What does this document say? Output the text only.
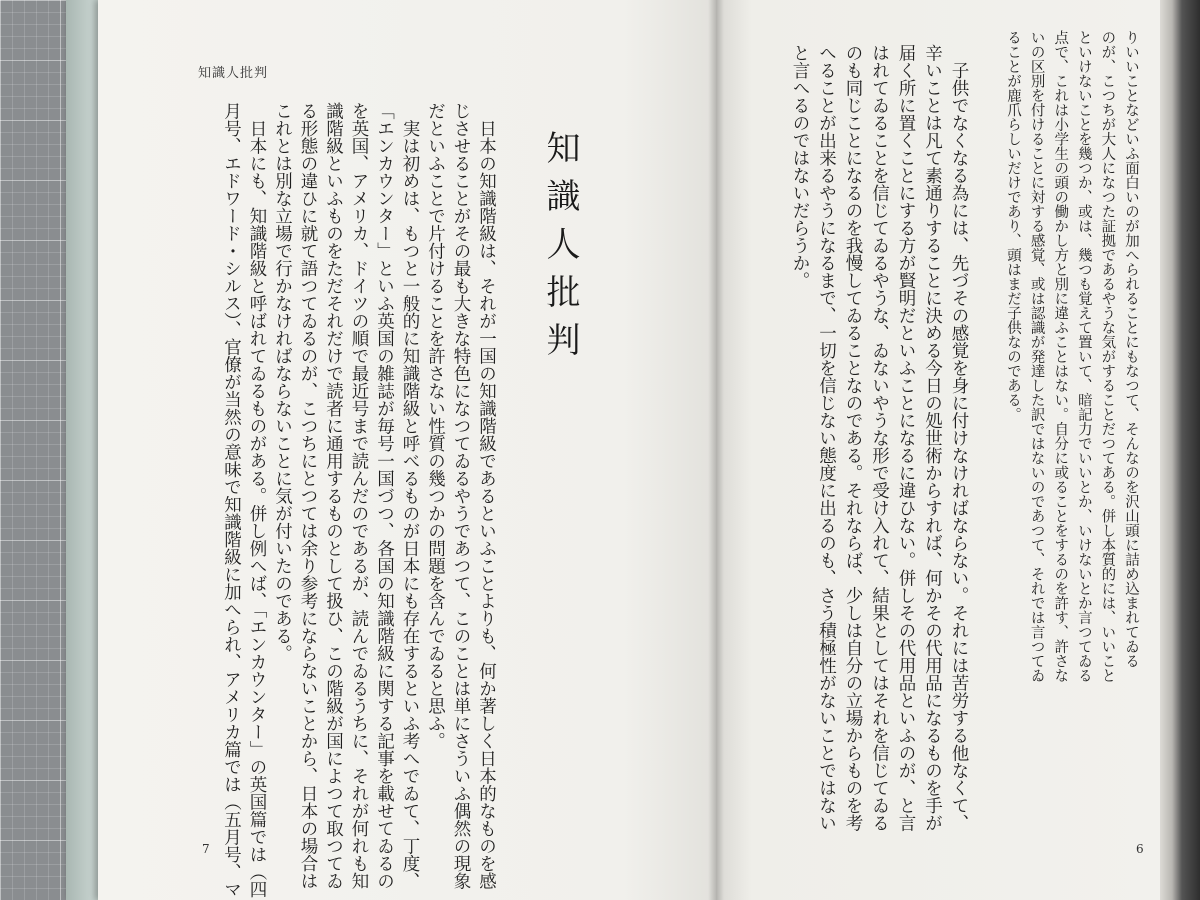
知識人批判
知識人批判
　日本の知識階級は、それが一国の知識階級であるといふことよりも、何か著しく日本的なものを感
じさせることがその最も大きな特色になつてゐるやうであつて、このことは単にさういふ偶然の現象
だといふことで片付けることを許さない性質の幾つかの問題を含んでゐると思ふ。
　実は初めは、もつと一般的に知識階級と呼べるものが日本にも存在するといふ考へでゐて、丁度、
「エンカウンター」といふ英国の雑誌が毎号一国づつ、各国の知識階級に関する記事を載せてゐるの
を英国、アメリカ、ドイツの順で最近号まで読んだのであるが、読んでゐるうちに、それが何れも知
識階級といふものをただそれだけで読者に通用するものとして扱ひ、この階級が国によつて取つてゐ
る形態の違ひに就て語つてゐるのが、こつちにとつては余り参考にならないことから、日本の場合は
これとは別な立場で行かなければならないことに気が付いたのである。
　日本にも、知識階級と呼ばれてゐるものがある。併し例へば、「エンカウンター」の英国篇では（四
月号、エドワード・シルス）、官僚が当然の意味で知識階級に加へられ、アメリカ篇では（五月号、マ
7
りいいことなどいふ面白いのが加へられることにもなつて、そんなのを沢山頭に詰め込まれてゐる
のが、こつちが大人になつた証拠であるやうな気がすることだつてある。併し本質的には、いいこと
といけないことを幾つか、或は、幾つも覚えて置いて、暗記力でいいとか、いけないとか言つてゐる
点で、これは小学生の頭の働かし方と別に違ふことはない。自分に或ることをするのを許す、許さな
いの区別を付けることに対する感覚、或は認識が発達した訳ではないのであつて、それでは言つてゐ
ることが鹿爪らしいだけであり、頭はまだ子供なのである。
　子供でなくなる為には、先づその感覚を身に付けなければならない。それには苦労する他なくて、
辛いことは凡て素通りすることに決める今日の処世術からすれば、何かその代用品になるものを手が
届く所に置くことにする方が賢明だといふことになるに違ひない。併しその代用品といふのが、と言
はれてゐることを信じてゐるやうな、ゐないやうな形で受け入れて、結果としてはそれを信じてゐる
のも同じことになるのを我慢してゐることなのである。それならば、少しは自分の立場からものを考
へることが出来るやうになるまで、一切を信じない態度に出るのも、さう積極性がないことではない
と言へるのではないだらうか。
6
